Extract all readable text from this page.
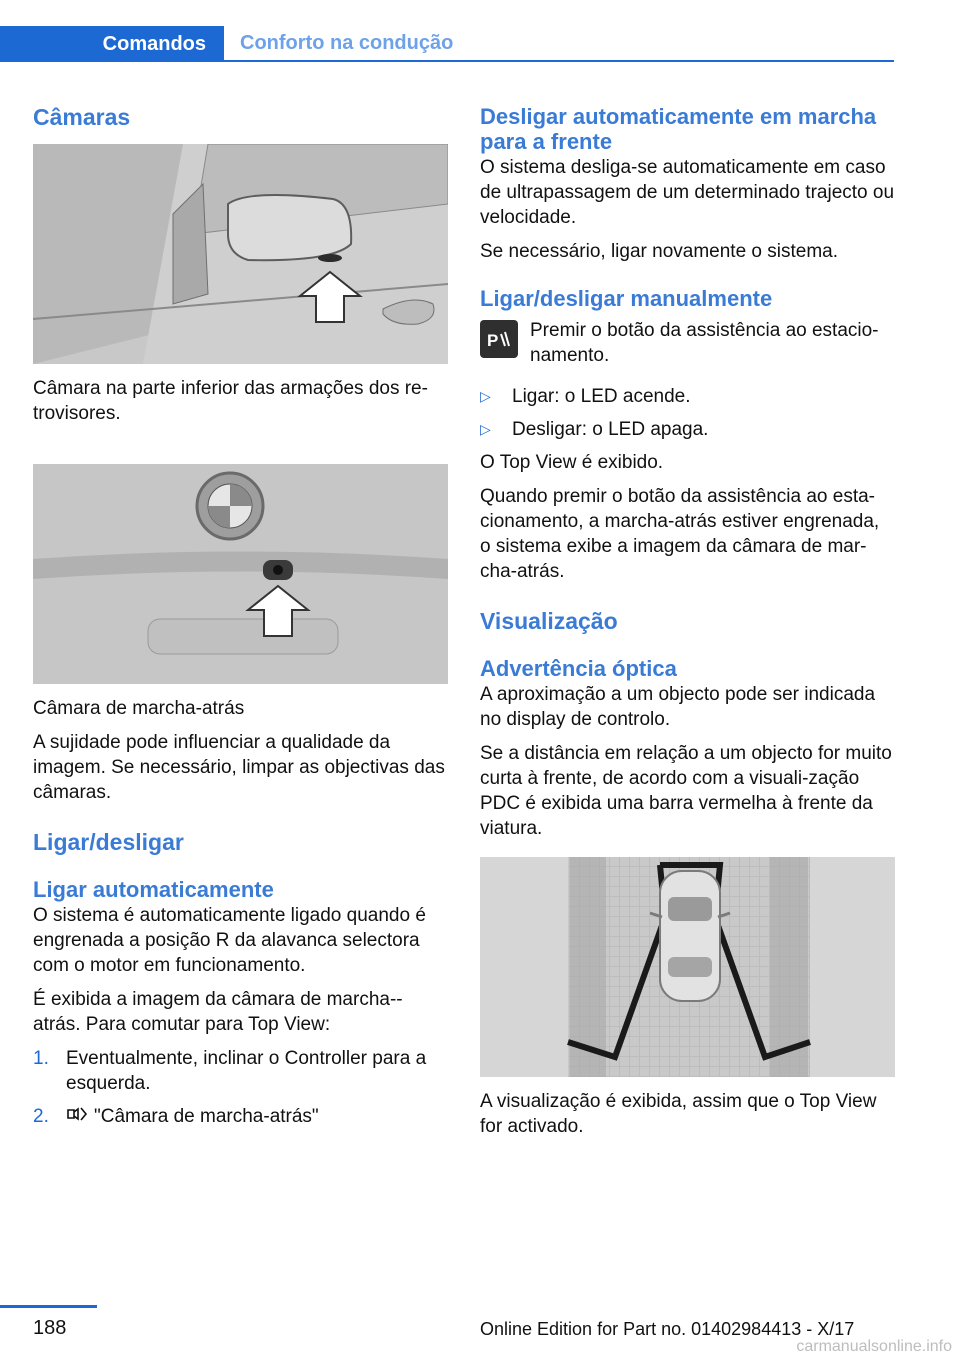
Comandos	Conforto na condução
Câmaras

Câmara na parte inferior das armações dos re-trovisores.

Câmara de marcha-atrás

A sujidade pode influenciar a qualidade da imagem. Se necessário, limpar as objectivas das câmaras.

Ligar/desligar
Ligar automaticamente

O sistema é automaticamente ligado quando é engrenada a posição R da alavanca selectora com o motor em funcionamento.

É exibida a imagem da câmara de marcha--atrás. Para comutar para Top View:

1. Eventualmente, inclinar o Controller para a esquerda.
2.	"Câmara de marcha-atrás"
Desligar automaticamente em marcha para a frente

O sistema desliga-se automaticamente em caso de ultrapassagem de um determinado trajecto ou velocidade.

Se necessário, ligar novamente o sistema.

Ligar/desligar manualmente
P Premir o botão da assistência ao estacio-namento.

▷	Ligar: o LED acende.
▷	Desligar: o LED apaga.

O Top View é exibido.

Quando premir o botão da assistência ao esta-cionamento, a marcha-atrás estiver engrenada, o sistema exibe a imagem da câmara de mar-cha-atrás.

Visualização
Advertência óptica

A aproximação a um objecto pode ser indicada no display de controlo.

Se a distância em relação a um objecto for muito curta à frente, de acordo com a visuali-zação PDC é exibida uma barra vermelha à frente da viatura.

A visualização é exibida, assim que o Top View for activado.

188	Online Edition for Part no. 01402984413 - X/17
carmanualsonline.info
